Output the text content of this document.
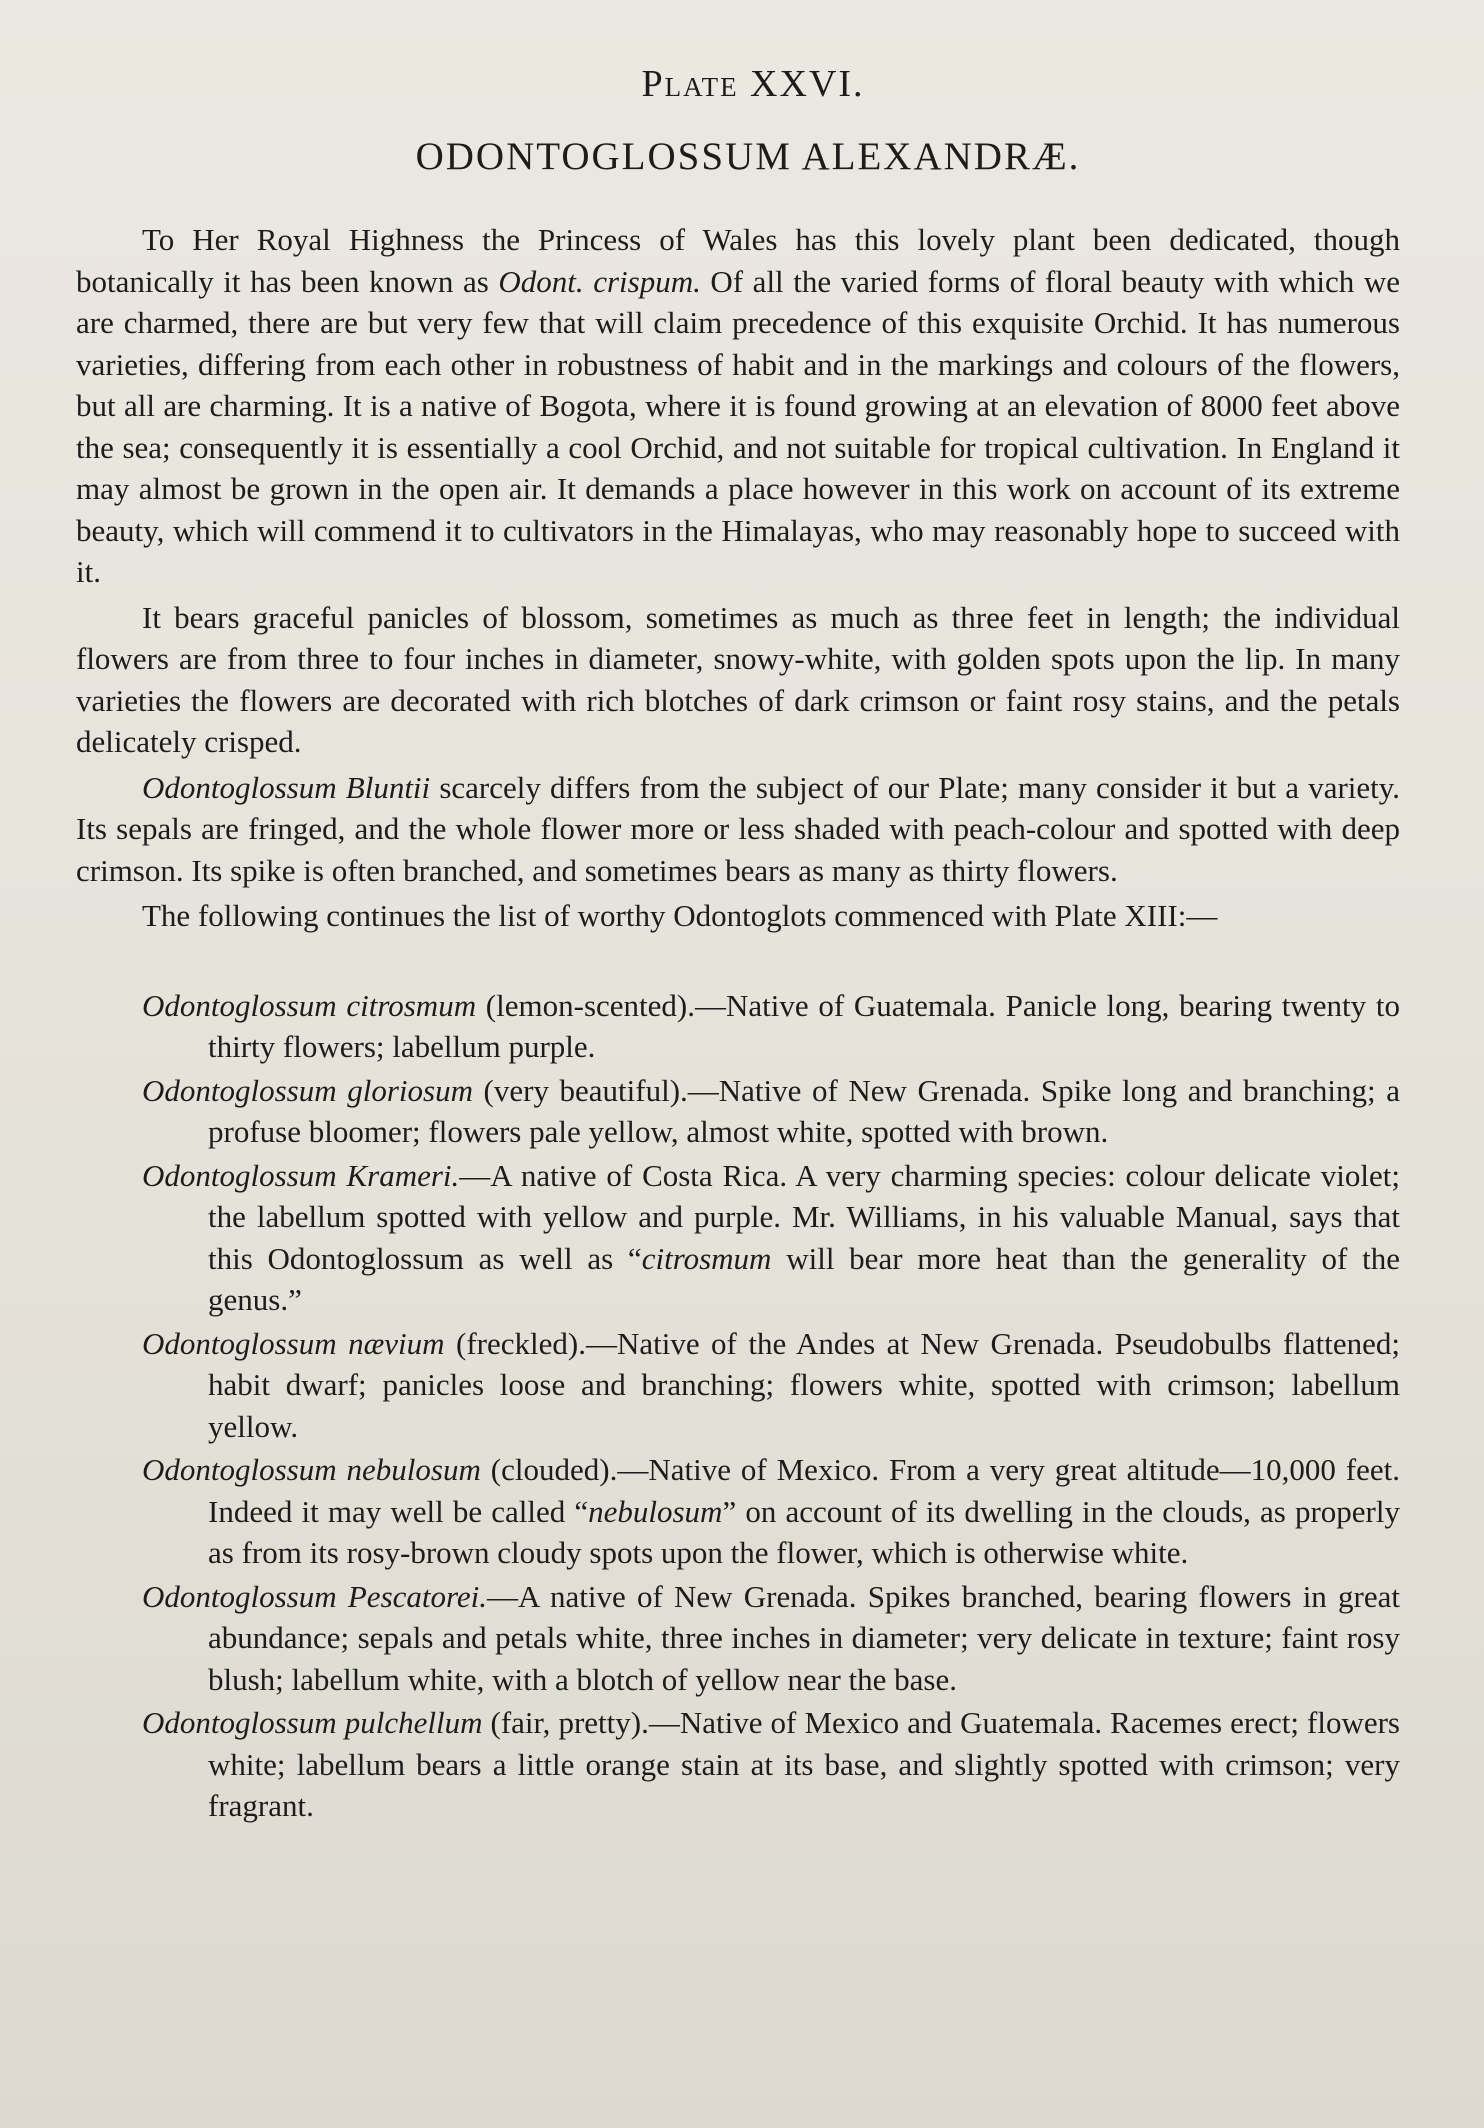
Plate XXVI.
ODONTOGLOSSUM ALEXANDRÆ.

To Her Royal Highness the Princess of Wales has this lovely plant been dedicated, though botanically it has been known as Odont. crispum. Of all the varied forms of floral beauty with which we are charmed, there are but very few that will claim precedence of this exquisite Orchid. It has numerous varieties, differing from each other in robustness of habit and in the markings and colours of the flowers, but all are charming. It is a native of Bogota, where it is found growing at an elevation of 8000 feet above the sea; consequently it is essentially a cool Orchid, and not suitable for tropical cultivation. In England it may almost be grown in the open air. It demands a place however in this work on account of its extreme beauty, which will commend it to cultivators in the Himalayas, who may reasonably hope to succeed with it.

It bears graceful panicles of blossom, sometimes as much as three feet in length; the individual flowers are from three to four inches in diameter, snowy-white, with golden spots upon the lip. In many varieties the flowers are decorated with rich blotches of dark crimson or faint rosy stains, and the petals delicately crisped.

Odontoglossum Bluntii scarcely differs from the subject of our Plate; many consider it but a variety. Its sepals are fringed, and the whole flower more or less shaded with peach-colour and spotted with deep crimson. Its spike is often branched, and sometimes bears as many as thirty flowers.

The following continues the list of worthy Odontoglots commenced with Plate XIII:—

Odontoglossum citrosmum (lemon-scented).—Native of Guatemala. Panicle long, bearing twenty to thirty flowers; labellum purple.
Odontoglossum gloriosum (very beautiful).—Native of New Grenada. Spike long and branching; a profuse bloomer; flowers pale yellow, almost white, spotted with brown.
Odontoglossum Krameri.—A native of Costa Rica. A very charming species: colour delicate violet; the labellum spotted with yellow and purple. Mr. Williams, in his valuable Manual, says that this Odontoglossum as well as “citrosmum will bear more heat than the generality of the genus.”
Odontoglossum nævium (freckled).—Native of the Andes at New Grenada. Pseudobulbs flattened; habit dwarf; panicles loose and branching; flowers white, spotted with crimson; labellum yellow.
Odontoglossum nebulosum (clouded).—Native of Mexico. From a very great altitude—10,000 feet. Indeed it may well be called “nebulosum” on account of its dwelling in the clouds, as properly as from its rosy-brown cloudy spots upon the flower, which is otherwise white.
Odontoglossum Pescatorei.—A native of New Grenada. Spikes branched, bearing flowers in great abundance; sepals and petals white, three inches in diameter; very delicate in texture; faint rosy blush; labellum white, with a blotch of yellow near the base.
Odontoglossum pulchellum (fair, pretty).—Native of Mexico and Guatemala. Racemes erect; flowers white; labellum bears a little orange stain at its base, and slightly spotted with crimson; very fragrant.
